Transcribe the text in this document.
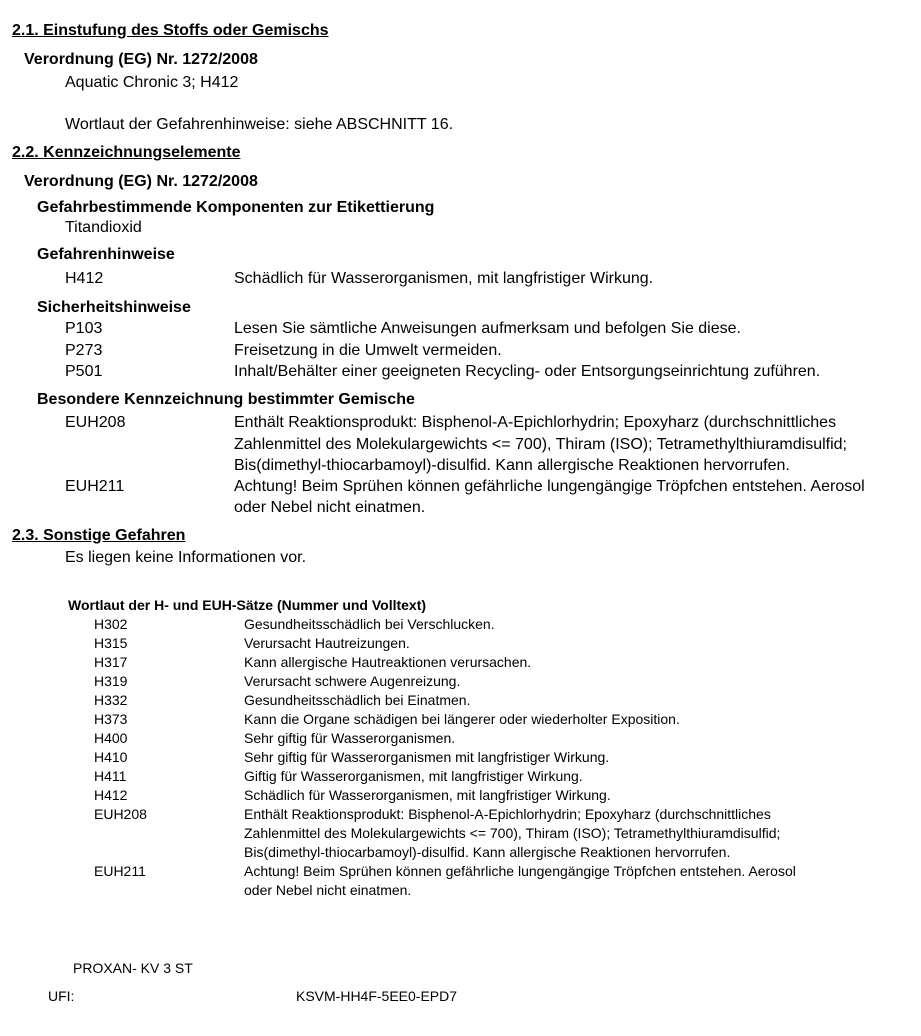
2.1. Einstufung des Stoffs oder Gemischs
Verordnung (EG) Nr. 1272/2008
Aquatic Chronic 3; H412
Wortlaut der Gefahrenhinweise: siehe ABSCHNITT 16.
2.2. Kennzeichnungselemente
Verordnung (EG) Nr. 1272/2008
Gefahrbestimmende Komponenten zur Etikettierung
Titandioxid
Gefahrenhinweise
H412	Schädlich für Wasserorganismen, mit langfristiger Wirkung.
Sicherheitshinweise
P103	Lesen Sie sämtliche Anweisungen aufmerksam und befolgen Sie diese.
P273	Freisetzung in die Umwelt vermeiden.
P501	Inhalt/Behälter einer geeigneten Recycling- oder Entsorgungseinrichtung zuführen.
Besondere Kennzeichnung bestimmter Gemische
EUH208	Enthält Reaktionsprodukt: Bisphenol-A-Epichlorhydrin; Epoxyharz (durchschnittliches
Zahlenmittel des Molekulargewichts <= 700), Thiram (ISO); Tetramethylthiuramdisulfid;
Bis(dimethyl-thiocarbamoyl)-disulfid. Kann allergische Reaktionen hervorrufen.
EUH211	Achtung! Beim Sprühen können gefährliche lungengängige Tröpfchen entstehen. Aerosol
oder Nebel nicht einatmen.
2.3. Sonstige Gefahren
Es liegen keine Informationen vor.
Wortlaut der H- und EUH-Sätze (Nummer und Volltext)
H302	Gesundheitsschädlich bei Verschlucken.
H315	Verursacht Hautreizungen.
H317	Kann allergische Hautreaktionen verursachen.
H319	Verursacht schwere Augenreizung.
H332	Gesundheitsschädlich bei Einatmen.
H373	Kann die Organe schädigen bei längerer oder wiederholter Exposition.
H400	Sehr giftig für Wasserorganismen.
H410	Sehr giftig für Wasserorganismen mit langfristiger Wirkung.
H411	Giftig für Wasserorganismen, mit langfristiger Wirkung.
H412	Schädlich für Wasserorganismen, mit langfristiger Wirkung.
EUH208	Enthält Reaktionsprodukt: Bisphenol-A-Epichlorhydrin; Epoxyharz (durchschnittliches
Zahlenmittel des Molekulargewichts <= 700), Thiram (ISO); Tetramethylthiuramdisulfid;
Bis(dimethyl-thiocarbamoyl)-disulfid. Kann allergische Reaktionen hervorrufen.
EUH211	Achtung! Beim Sprühen können gefährliche lungengängige Tröpfchen entstehen. Aerosol
oder Nebel nicht einatmen.
PROXAN- KV 3 ST
UFI:	KSVM-HH4F-5EE0-EPD7
